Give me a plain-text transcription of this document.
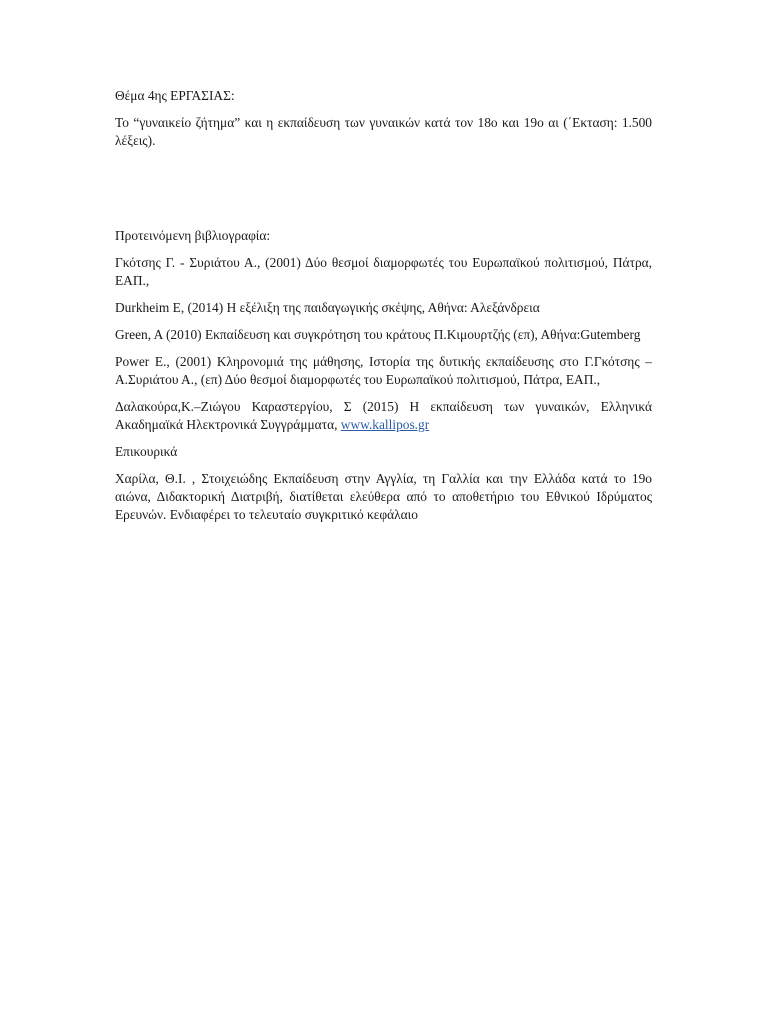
Θέμα 4ης ΕΡΓΑΣΙΑΣ:

Το “γυναικείο ζήτημα” και η εκπαίδευση των γυναικών κατά τον 18ο και 19ο αι (΄Εκταση: 1.500 λέξεις).

Προτεινόμενη βιβλιογραφία:

Γκότσης Γ. - Συριάτου Α., (2001) Δύο θεσμοί διαμορφωτές του Ευρωπαϊκού πολιτισμού, Πάτρα, ΕΑΠ.,

Durkheim E, (2014) Η εξέλιξη της παιδαγωγικής σκέψης, Αθήνα: Αλεξάνδρεια

Green, A (2010) Εκπαίδευση και συγκρότηση του κράτους Π.Κιμουρτζής (επ), Αθήνα:Gutemberg

Power E., (2001) Κληρονομιά της μάθησης, Ιστορία της δυτικής εκπαίδευσης στο Γ.Γκότσης – Α.Συριάτου Α., (επ) Δύο θεσμοί διαμορφωτές του Ευρωπαϊκού πολιτισμού, Πάτρα, ΕΑΠ.,

Δαλακούρα,Κ.–Ζιώγου Καραστεργίου, Σ (2015) Η εκπαίδευση των γυναικών, Ελληνικά Ακαδημαϊκά Ηλεκτρονικά Συγγράμματα, www.kallipos.gr

Επικουρικά

Χαρίλα, Θ.Ι. , Στοιχειώδης Εκπαίδευση στην Αγγλία, τη Γαλλία και την Ελλάδα κατά το 19ο αιώνα, Διδακτορική Διατριβή, διατίθεται ελεύθερα από το αποθετήριο του Εθνικού Ιδρύματος Ερευνών. Ενδιαφέρει το τελευταίο συγκριτικό κεφάλαιο
